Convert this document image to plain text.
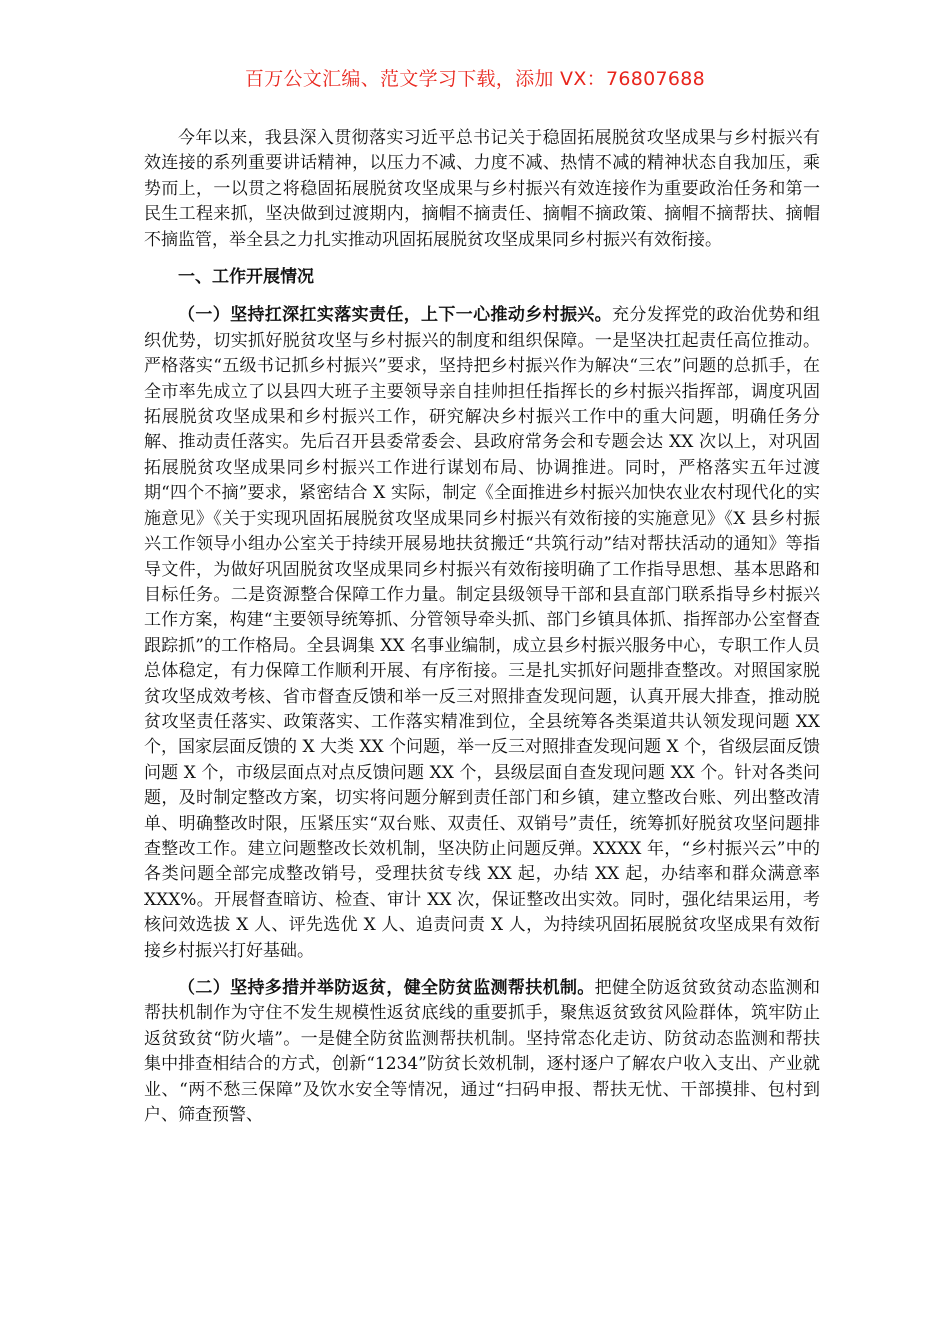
百万公文汇编、范文学习下载，添加 VX：76807688

今年以来，我县深入贯彻落实习近平总书记关于稳固拓展脱贫攻坚成果与乡村振兴有效连接的系列重要讲话精神，以压力不减、力度不减、热情不减的精神状态自我加压，乘势而上，一以贯之将稳固拓展脱贫攻坚成果与乡村振兴有效连接作为重要政治任务和第一民生工程来抓，坚决做到过渡期内，摘帽不摘责任、摘帽不摘政策、摘帽不摘帮扶、摘帽不摘监管，举全县之力扎实推动巩固拓展脱贫攻坚成果同乡村振兴有效衔接。

一、工作开展情况

（一）坚持扛深扛实落实责任，上下一心推动乡村振兴。充分发挥党的政治优势和组织优势，切实抓好脱贫攻坚与乡村振兴的制度和组织保障。一是坚决扛起责任高位推动。严格落实“五级书记抓乡村振兴”要求，坚持把乡村振兴作为解决“三农”问题的总抓手，在全市率先成立了以县四大班子主要领导亲自挂帅担任指挥长的乡村振兴指挥部，调度巩固拓展脱贫攻坚成果和乡村振兴工作，研究解决乡村振兴工作中的重大问题，明确任务分解、推动责任落实。先后召开县委常委会、县政府常务会和专题会达 XX 次以上，对巩固拓展脱贫攻坚成果同乡村振兴工作进行谋划布局、协调推进。同时，严格落实五年过渡期“四个不摘”要求，紧密结合 X 实际，制定《全面推进乡村振兴加快农业农村现代化的实施意见》《关于实现巩固拓展脱贫攻坚成果同乡村振兴有效衔接的实施意见》《X 县乡村振兴工作领导小组办公室关于持续开展易地扶贫搬迁“共筑行动”结对帮扶活动的通知》等指导文件，为做好巩固脱贫攻坚成果同乡村振兴有效衔接明确了工作指导思想、基本思路和目标任务。二是资源整合保障工作力量。制定县级领导干部和县直部门联系指导乡村振兴工作方案，构建“主要领导统筹抓、分管领导牵头抓、部门乡镇具体抓、指挥部办公室督查跟踪抓”的工作格局。全县调集 XX 名事业编制，成立县乡村振兴服务中心，专职工作人员总体稳定，有力保障工作顺利开展、有序衔接。三是扎实抓好问题排查整改。对照国家脱贫攻坚成效考核、省市督查反馈和举一反三对照排查发现问题，认真开展大排查，推动脱贫攻坚责任落实、政策落实、工作落实精准到位，全县统筹各类渠道共认领发现问题 XX 个，国家层面反馈的 X 大类 XX 个问题，举一反三对照排查发现问题 X 个，省级层面反馈问题 X 个，市级层面点对点反馈问题 XX 个，县级层面自查发现问题 XX 个。针对各类问题，及时制定整改方案，切实将问题分解到责任部门和乡镇，建立整改台账、列出整改清单、明确整改时限，压紧压实“双台账、双责任、双销号”责任，统筹抓好脱贫攻坚问题排查整改工作。建立问题整改长效机制，坚决防止问题反弹。XXXX 年，“乡村振兴云”中的各类问题全部完成整改销号，受理扶贫专线 XX 起，办结 XX 起，办结率和群众满意率 XXX%。开展督查暗访、检查、审计 XX 次，保证整改出实效。同时，强化结果运用，考核问效选拔 X 人、评先选优 X 人、追责问责 X 人，为持续巩固拓展脱贫攻坚成果有效衔接乡村振兴打好基础。

（二）坚持多措并举防返贫，健全防贫监测帮扶机制。把健全防返贫致贫动态监测和帮扶机制作为守住不发生规模性返贫底线的重要抓手，聚焦返贫致贫风险群体，筑牢防止返贫致贫“防火墙”。一是健全防贫监测帮扶机制。坚持常态化走访、防贫动态监测和帮扶集中排查相结合的方式，创新“1234”防贫长效机制，逐村逐户了解农户收入支出、产业就业、“两不愁三保障”及饮水安全等情况，通过“扫码申报、帮扶无忧、干部摸排、包村到户、筛查预警、
